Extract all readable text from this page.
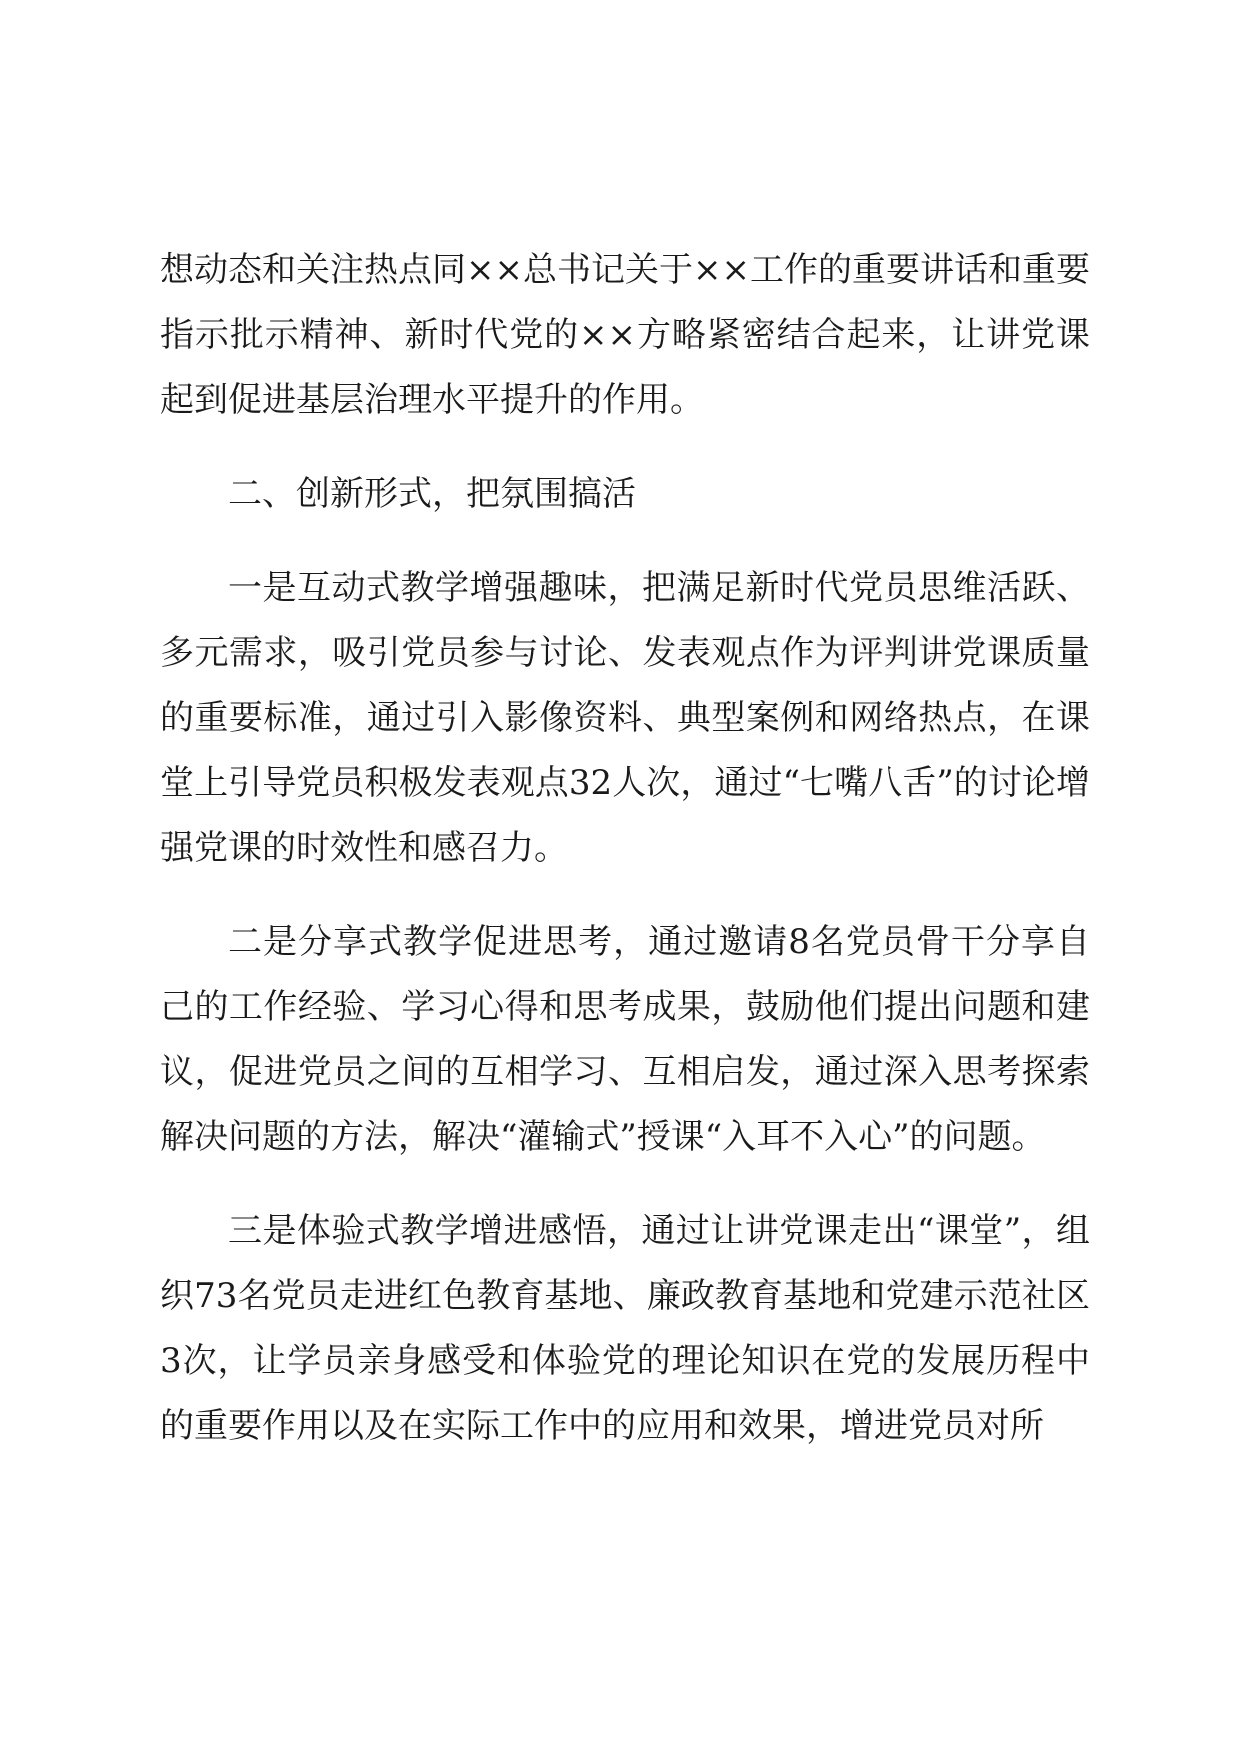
想动态和关注热点同××总书记关于××工作的重要讲话和重要指示批示精神、新时代党的××方略紧密结合起来，让讲党课起到促进基层治理水平提升的作用。

二、创新形式，把氛围搞活

一是互动式教学增强趣味，把满足新时代党员思维活跃、多元需求，吸引党员参与讨论、发表观点作为评判讲党课质量的重要标准，通过引入影像资料、典型案例和网络热点，在课堂上引导党员积极发表观点32人次，通过“七嘴八舌”的讨论增强党课的时效性和感召力。

二是分享式教学促进思考，通过邀请8名党员骨干分享自己的工作经验、学习心得和思考成果，鼓励他们提出问题和建议，促进党员之间的互相学习、互相启发，通过深入思考探索解决问题的方法，解决“灌输式”授课“入耳不入心”的问题。

三是体验式教学增进感悟，通过让讲党课走出“课堂”，组织73名党员走进红色教育基地、廉政教育基地和党建示范社区3次，让学员亲身感受和体验党的理论知识在党的发展历程中的重要作用以及在实际工作中的应用和效果，增进党员对所
